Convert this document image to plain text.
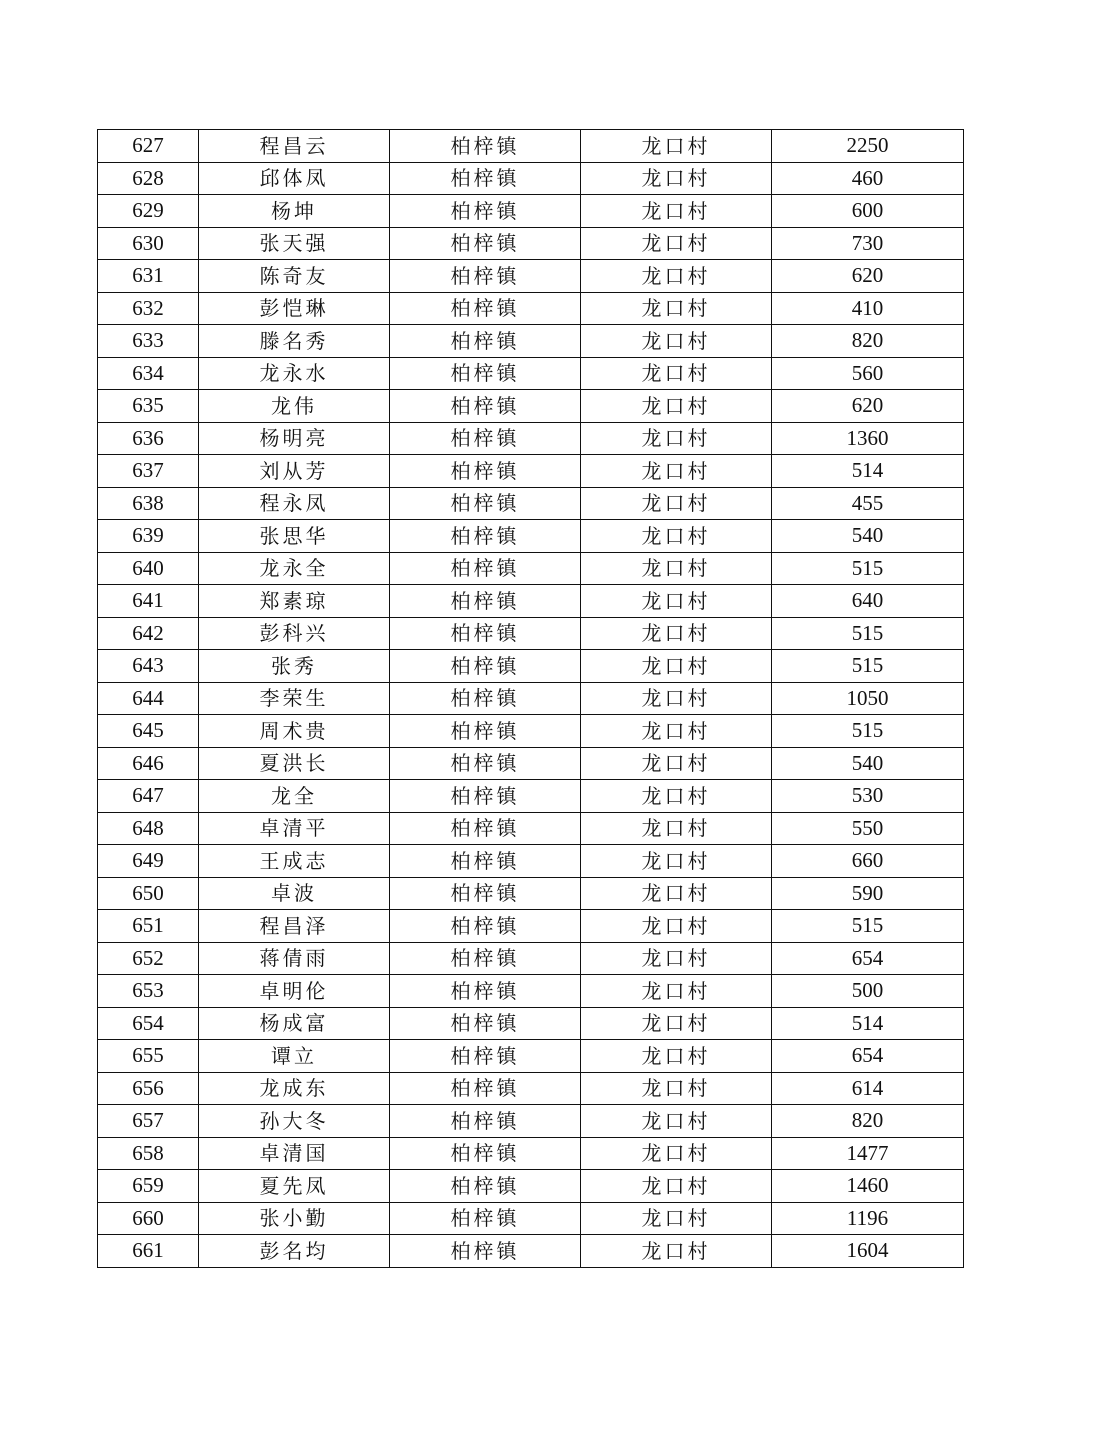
627	程昌云	柏梓镇	龙口村	2250
628	邱体凤	柏梓镇	龙口村	460
629	杨坤	柏梓镇	龙口村	600
630	张天强	柏梓镇	龙口村	730
631	陈奇友	柏梓镇	龙口村	620
632	彭恺琳	柏梓镇	龙口村	410
633	滕名秀	柏梓镇	龙口村	820
634	龙永水	柏梓镇	龙口村	560
635	龙伟	柏梓镇	龙口村	620
636	杨明亮	柏梓镇	龙口村	1360
637	刘从芳	柏梓镇	龙口村	514
638	程永凤	柏梓镇	龙口村	455
639	张思华	柏梓镇	龙口村	540
640	龙永全	柏梓镇	龙口村	515
641	郑素琼	柏梓镇	龙口村	640
642	彭科兴	柏梓镇	龙口村	515
643	张秀	柏梓镇	龙口村	515
644	李荣生	柏梓镇	龙口村	1050
645	周术贵	柏梓镇	龙口村	515
646	夏洪长	柏梓镇	龙口村	540
647	龙全	柏梓镇	龙口村	530
648	卓清平	柏梓镇	龙口村	550
649	王成志	柏梓镇	龙口村	660
650	卓波	柏梓镇	龙口村	590
651	程昌泽	柏梓镇	龙口村	515
652	蒋倩雨	柏梓镇	龙口村	654
653	卓明伦	柏梓镇	龙口村	500
654	杨成富	柏梓镇	龙口村	514
655	谭立	柏梓镇	龙口村	654
656	龙成东	柏梓镇	龙口村	614
657	孙大冬	柏梓镇	龙口村	820
658	卓清国	柏梓镇	龙口村	1477
659	夏先凤	柏梓镇	龙口村	1460
660	张小勤	柏梓镇	龙口村	1196
661	彭名均	柏梓镇	龙口村	1604
